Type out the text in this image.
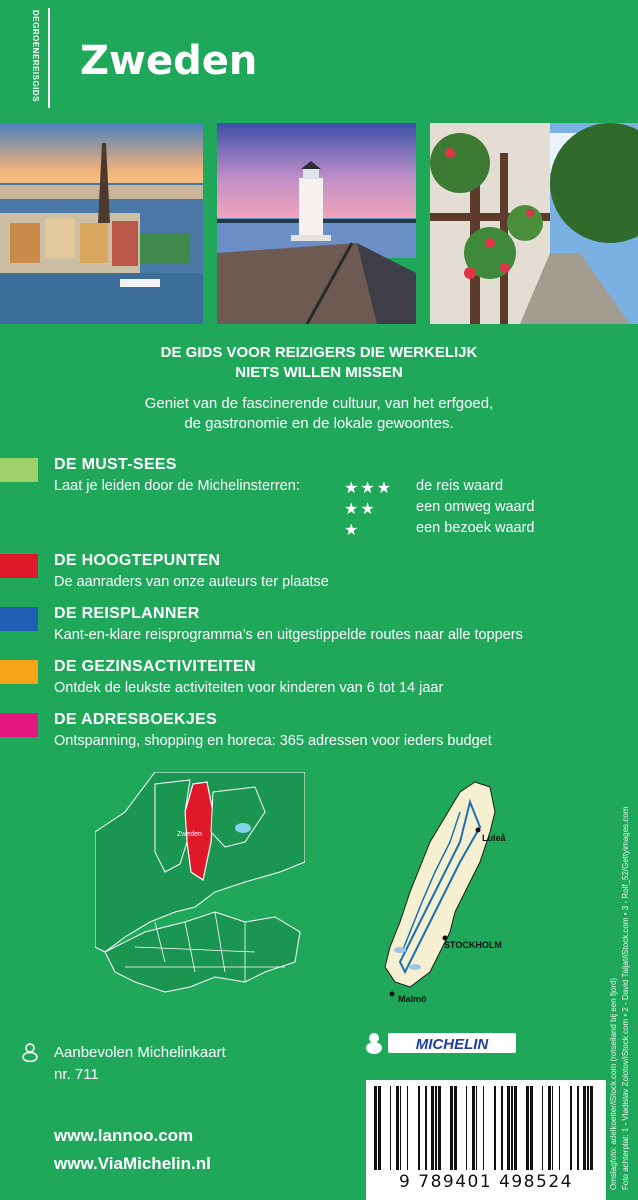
DEGROENEREISGIDS Zweden
DE GIDS VOOR REIZIGERS DIE WERKELIJK
NIETS WILLEN MISSEN
Geniet van de fascinerende cultuur, van het erfgoed,
de gastronomie en de lokale gewoontes.
DE MUST-SEES
Laat je leiden door de Michelinsterren:	★★★ de reis waard
★★	een omweg waard
★	een bezoek waard
DE HOOGTEPUNTEN
De aanraders van onze auteurs ter plaatse
DE REISPLANNER
Kant-en-klare reisprogramma’s en uitgestippelde routes naar alle toppers
DE GEZINSACTIVITEITEN
Ontdek de leukste activiteiten voor kinderen van 6 tot 14 jaar
DE ADRESBOEKJES
Ontspanning, shopping en horeca: 365 adressen voor ieders budget
Zweden	Luleå
STOCKHOLM
Malmö
MICHELIN
Aanbevolen Michelinkaart
nr. 711
9 789401 498524
www.lannoo.com
www.ViaMichelin.nl	Omslagfoto: adelkoetter/iStock.com (rotseiland bij een fjord) Foto achterplat: 1 - Vladislav Zolotov/iStock.com • 2 - David Taljat/iStock.com • 3 - Rolf_52/Gettyimages.com
